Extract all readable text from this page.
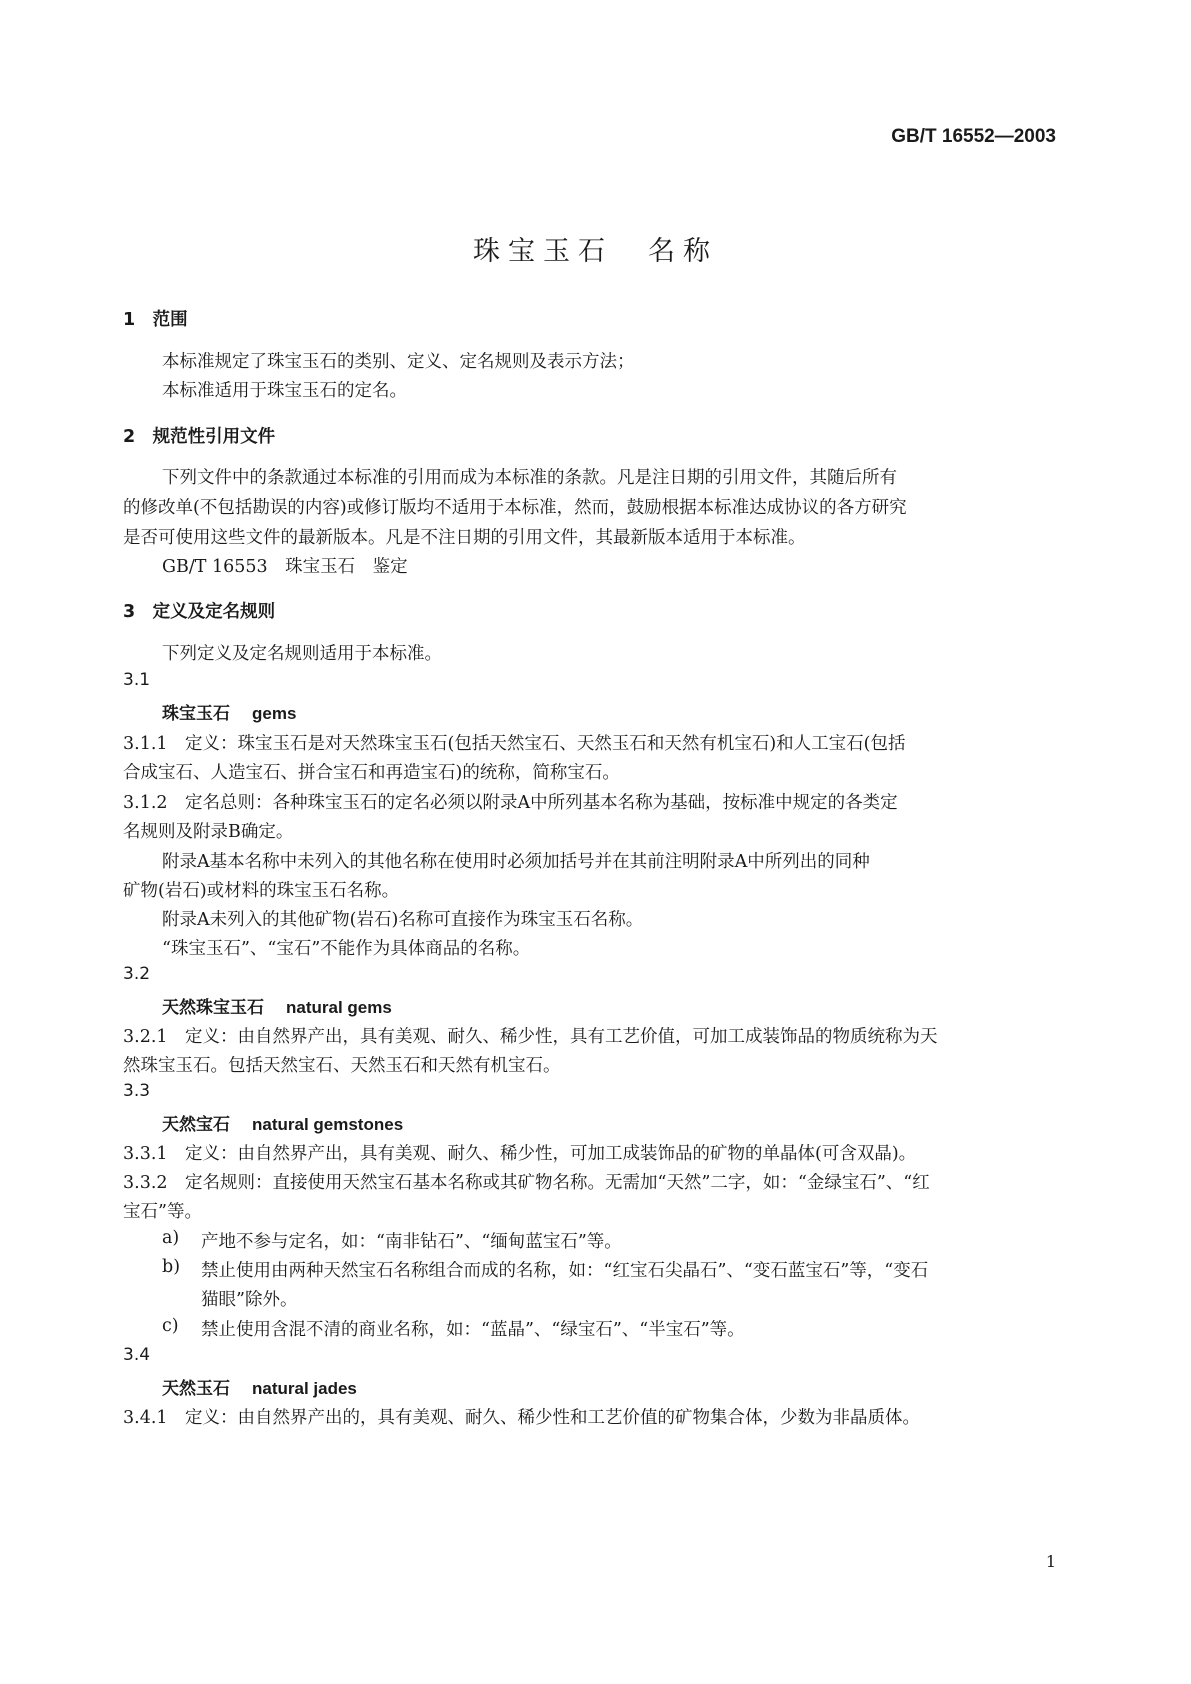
GB/T 16552—2003
珠宝玉石　名称
1　范围
本标准规定了珠宝玉石的类别、定义、定名规则及表示方法；
本标准适用于珠宝玉石的定名。
2　规范性引用文件
下列文件中的条款通过本标准的引用而成为本标准的条款。凡是注日期的引用文件，其随后所有
的修改单(不包括勘误的内容)或修订版均不适用于本标准，然而，鼓励根据本标准达成协议的各方研究
是否可使用这些文件的最新版本。凡是不注日期的引用文件，其最新版本适用于本标准。
GB/T 16553　珠宝玉石　鉴定
3　定义及定名规则
下列定义及定名规则适用于本标准。
3.1
珠宝玉石 gems
3.1.1　定义：珠宝玉石是对天然珠宝玉石(包括天然宝石、天然玉石和天然有机宝石)和人工宝石(包括
合成宝石、人造宝石、拼合宝石和再造宝石)的统称，简称宝石。
3.1.2　定名总则：各种珠宝玉石的定名必须以附录A中所列基本名称为基础，按标准中规定的各类定
名规则及附录B确定。
附录A基本名称中未列入的其他名称在使用时必须加括号并在其前注明附录A中所列出的同种
矿物(岩石)或材料的珠宝玉石名称。
附录A未列入的其他矿物(岩石)名称可直接作为珠宝玉石名称。
“珠宝玉石”、“宝石”不能作为具体商品的名称。
3.2
天然珠宝玉石 natural gems
3.2.1　定义：由自然界产出，具有美观、耐久、稀少性，具有工艺价值，可加工成装饰品的物质统称为天
然珠宝玉石。包括天然宝石、天然玉石和天然有机宝石。
3.3
天然宝石 natural gemstones
3.3.1　定义：由自然界产出，具有美观、耐久、稀少性，可加工成装饰品的矿物的单晶体(可含双晶)。
3.3.2　定名规则：直接使用天然宝石基本名称或其矿物名称。无需加“天然”二字，如：“金绿宝石”、“红
宝石”等。
a) 产地不参与定名，如：“南非钻石”、“缅甸蓝宝石”等。
b) 禁止使用由两种天然宝石名称组合而成的名称，如：“红宝石尖晶石”、“变石蓝宝石”等，“变石
猫眼”除外。
c) 禁止使用含混不清的商业名称，如：“蓝晶”、“绿宝石”、“半宝石”等。
3.4
天然玉石 natural jades
3.4.1　定义：由自然界产出的，具有美观、耐久、稀少性和工艺价值的矿物集合体，少数为非晶质体。
1
